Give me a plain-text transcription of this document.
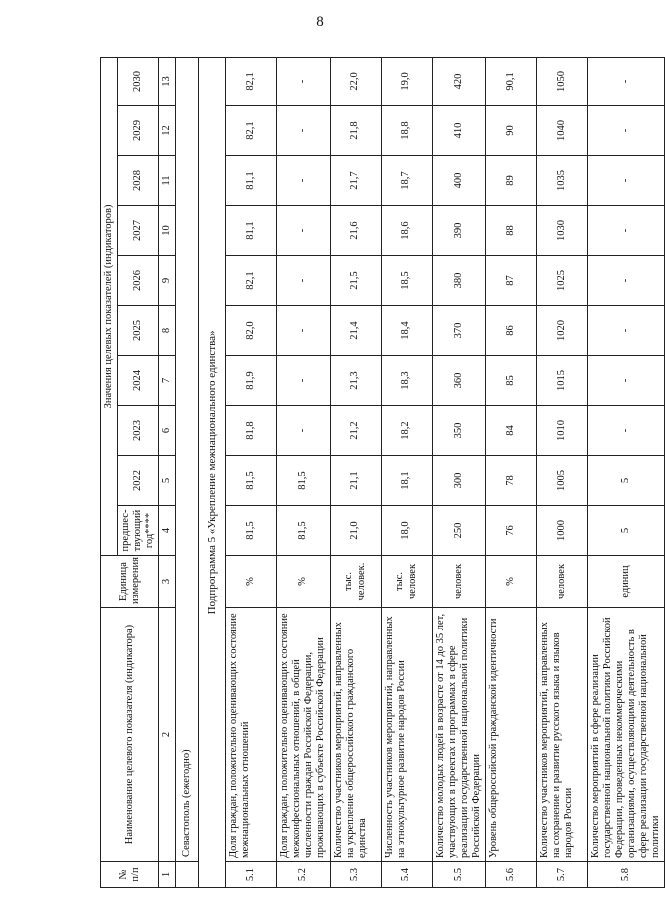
8
№ п/п	Наименование целевого показателя (индикатора)	Единица измерения	Значения целевых показателей (индикаторов)									
			предшес-твующий год****	2022	2023	2024	2025	2026	2027	2028	2029	2030
1	2	3	4	5	6	7	8	9	10	11	12	13
	Севастополь (ежегодно)											
Подпрограмма 5 «Укрепление межнационального единства»												
5.1	Доля граждан, положительно оценивающих состояние межнациональных отношений	%	81,5	81,5	81,8	81,9	82,0	82,1	81,1	81,1	82,1	82,1
5.2	Доля граждан, положительно оценивающих состояние межконфессиональных отношений, в общей численности граждан Российской Федерации, проживающих в субъекте Российской Федерации	%	81,5	81,5	-	-	-	-	-	-	-	-
5.3	Количество участников мероприятий, направленных на укрепление общероссийского гражданского единства	тыс. человек.	21,0	21,1	21,2	21,3	21,4	21,5	21,6	21,7	21,8	22,0
5.4	Численность участников мероприятий, направленных на этнокультурное развитие народов России	тыс. человек	18,0	18,1	18,2	18,3	18,4	18,5	18,6	18,7	18,8	19,0
5.5	Количество молодых людей в возрасте от 14 до 35 лет, участвующих в проектах и программах в сфере реализации государственной национальной политики Российской Федерации	человек	250	300	350	360	370	380	390	400	410	420
5.6	Уровень общероссийской гражданской идентичности	%	76	78	84	85	86	87	88	89	90	90,1
5.7	Количество участников мероприятий, направленных на сохранение и развитие русского языка и языков народов России	человек	1000	1005	1010	1015	1020	1025	1030	1035	1040	1050
5.8	Количество мероприятий в сфере реализации государственной национальной политики Российской Федерации, проведенных некоммерческими организациями, осуществляющими деятельность в сфере реализации государственной национальной политики	единиц	5	5	-	-	-	-	-	-	-	-
